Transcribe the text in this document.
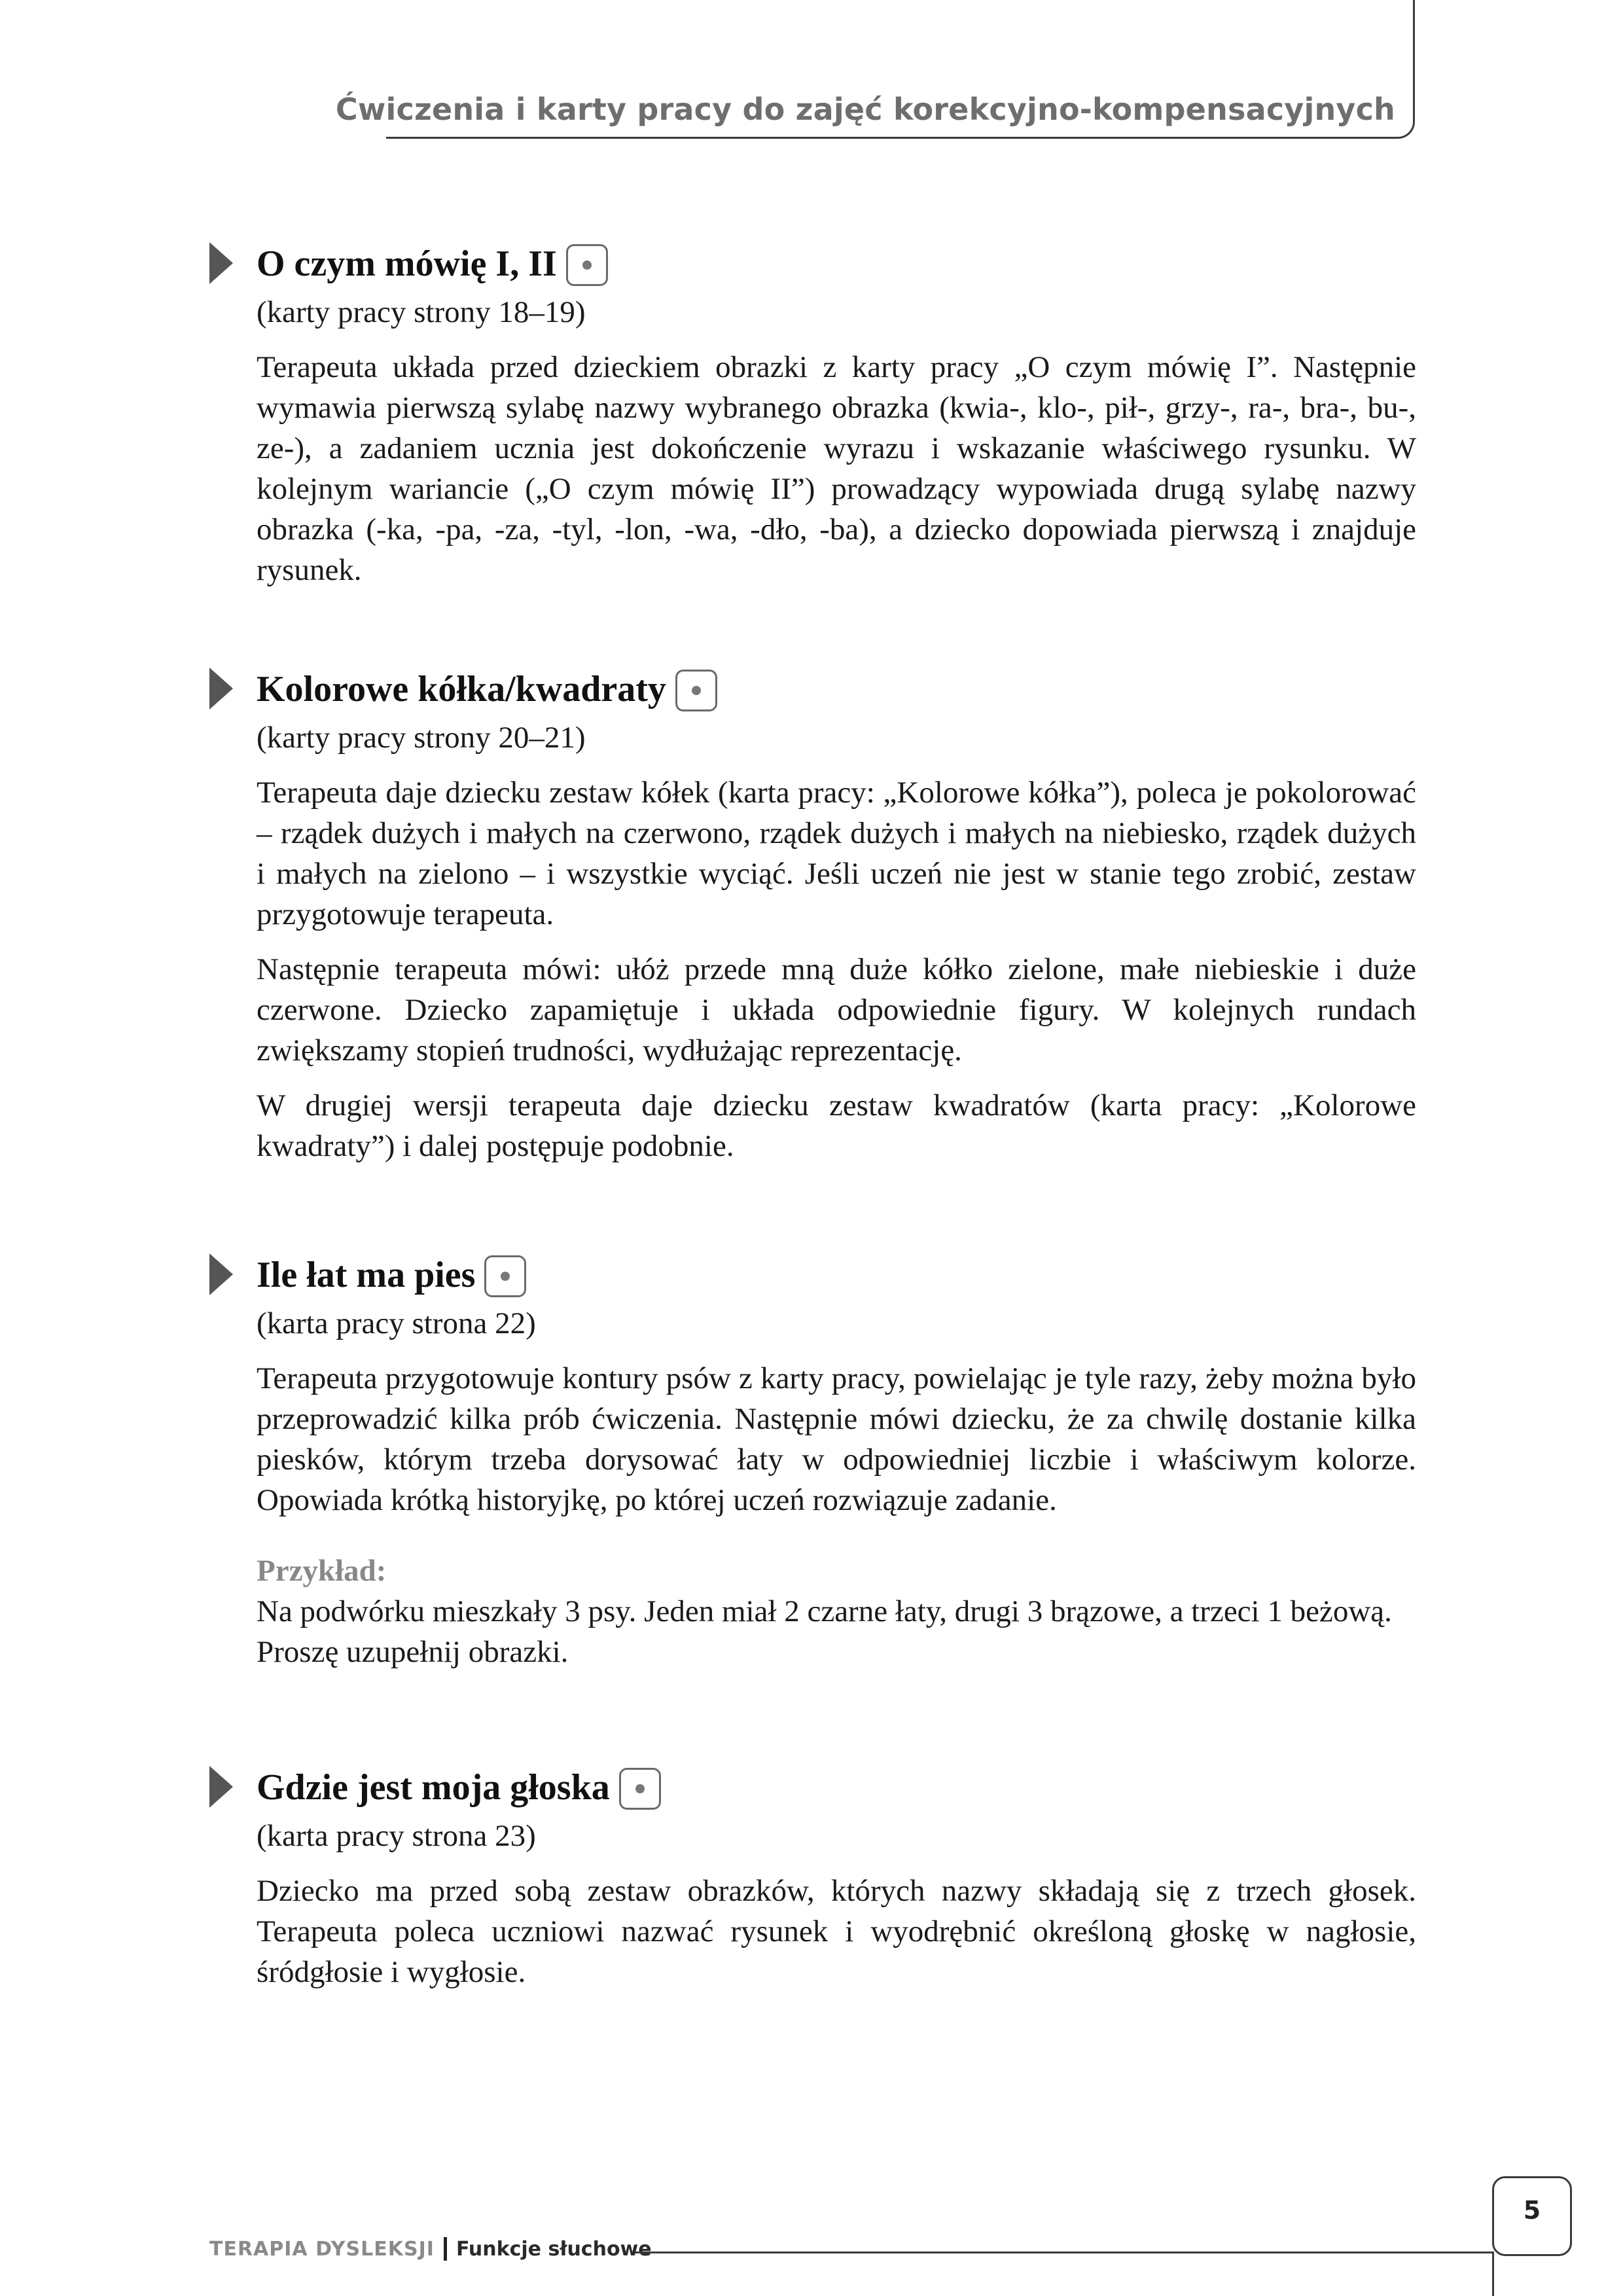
Ćwiczenia i karty pracy do zajęć korekcyjno-kompensacyjnych
O czym mówię I, II
(karty pracy strony 18–19)

Terapeuta układa przed dzieckiem obrazki z karty pracy „O czym mówię I”. Następnie wymawia pierwszą sylabę nazwy wybranego obrazka (kwia-, klo-, pił-, grzy-, ra-, bra-, bu-, ze-), a zadaniem ucznia jest dokończenie wyrazu i wskazanie właściwego rysunku. W kolejnym wariancie („O czym mówię II”) prowadzący wypowiada drugą sylabę nazwy obrazka (-ka, -pa, -za, -tyl, -lon, -wa, -dło, -ba), a dziecko dopowiada pierwszą i znajduje rysunek.

Kolorowe kółka/kwadraty
(karty pracy strony 20–21)

Terapeuta daje dziecku zestaw kółek (karta pracy: „Kolorowe kółka”), poleca je pokolorować – rządek dużych i małych na czerwono, rządek dużych i małych na niebiesko, rządek dużych i małych na zielono – i wszystkie wyciąć. Jeśli uczeń nie jest w stanie tego zrobić, zestaw przygotowuje terapeuta.

Następnie terapeuta mówi: ułóż przede mną duże kółko zielone, małe niebieskie i duże czerwone. Dziecko zapamiętuje i układa odpowiednie figury. W kolejnych rundach zwiększamy stopień trudności, wydłużając reprezentację.

W drugiej wersji terapeuta daje dziecku zestaw kwadratów (karta pracy: „Kolorowe kwadraty”) i dalej postępuje podobnie.

Ile łat ma pies
(karta pracy strona 22)

Terapeuta przygotowuje kontury psów z karty pracy, powielając je tyle razy, żeby można było przeprowadzić kilka prób ćwiczenia. Następnie mówi dziecku, że za chwilę dostanie kilka piesków, którym trzeba dorysować łaty w odpowiedniej liczbie i właściwym kolorze. Opowiada krótką historyjkę, po której uczeń rozwiązuje zadanie.

Przykład:

Na podwórku mieszkały 3 psy. Jeden miał 2 czarne łaty, drugi 3 brązowe, a trzeci 1 beżową. Proszę uzupełnij obrazki.

Gdzie jest moja głoska
(karta pracy strona 23)

Dziecko ma przed sobą zestaw obrazków, których nazwy składają się z trzech głosek. Terapeuta poleca uczniowi nazwać rysunek i wyodrębnić określoną głoskę w nagłosie, śródgłosie i wygłosie.

TERAPIA DYSLEKSJI Funkcje słuchowe
5
